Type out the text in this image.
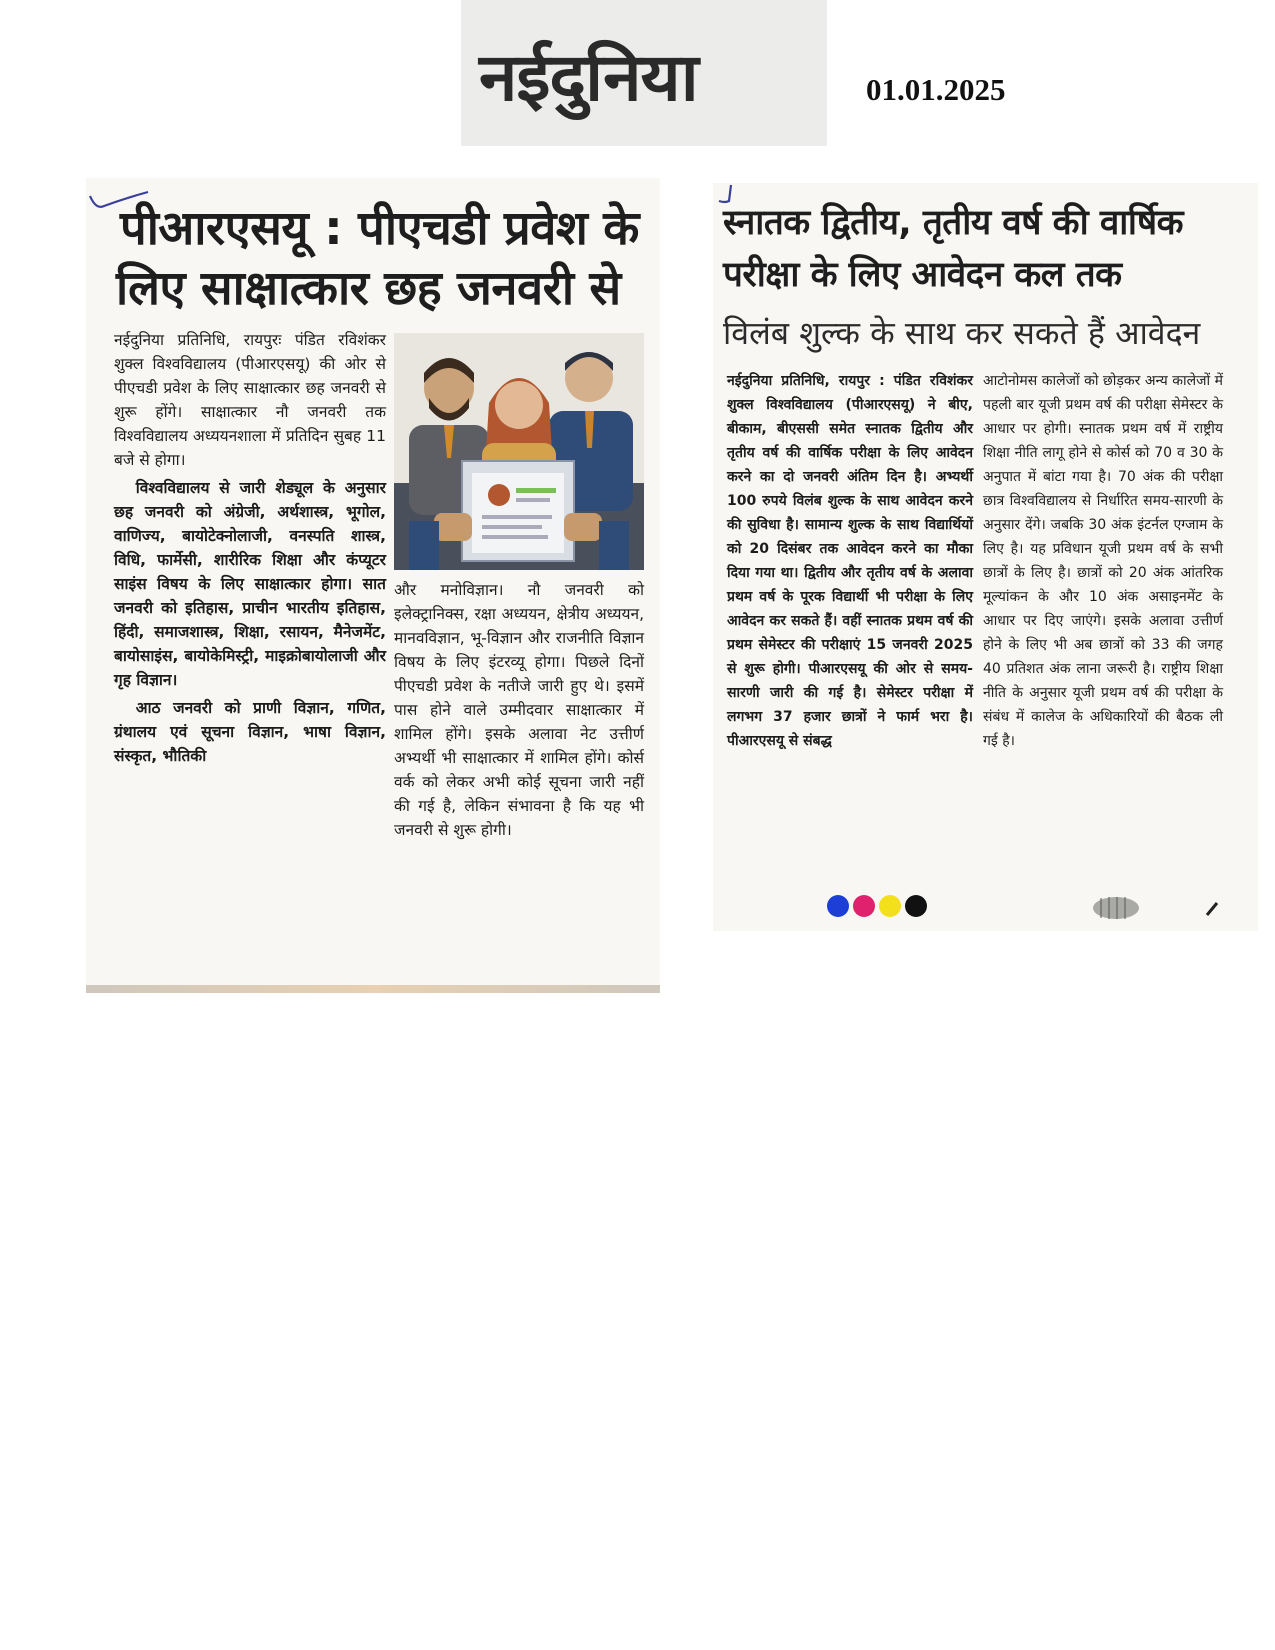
नईदुनिया	01.01.2025
पीआरएसयू : पीएचडी प्रवेश के
लिए साक्षात्कार छह जनवरी से

नईदुनिया प्रतिनिधि, रायपुरः पंडित रविशंकर शुक्ल विश्वविद्यालय (पीआरएसयू) की ओर से पीएचडी प्रवेश के लिए साक्षात्कार छह जनवरी से शुरू होंगे। साक्षात्कार नौ जनवरी तक विश्वविद्यालय अध्ययनशाला में प्रतिदिन सुबह 11 बजे से होगा।

विश्वविद्यालय से जारी शेड्यूल के अनुसार छह जनवरी को अंग्रेजी, अर्थशास्त्र, भूगोल, वाणिज्य, बायोटेक्नोलाजी, वनस्पति शास्त्र, विधि, फार्मेसी, शारीरिक शिक्षा और कंप्यूटर साइंस विषय के लिए साक्षात्कार होगा। सात जनवरी को इतिहास, प्राचीन भारतीय इतिहास, हिंदी, समाजशास्त्र, शिक्षा, रसायन, मैनेजमेंट, बायोसाइंस, बायोकेमिस्ट्री, माइक्रोबायोलाजी और गृह विज्ञान।

आठ जनवरी को प्राणी विज्ञान, गणित, ग्रंथालय एवं सूचना विज्ञान, भाषा विज्ञान, संस्कृत, भौतिकी

और मनोविज्ञान। नौ जनवरी को इलेक्ट्रानिक्स, रक्षा अध्ययन, क्षेत्रीय अध्ययन, मानवविज्ञान, भू-विज्ञान और राजनीति विज्ञान विषय के लिए इंटरव्यू होगा। पिछले दिनों पीएचडी प्रवेश के नतीजे जारी हुए थे। इसमें पास होने वाले उम्मीदवार साक्षात्कार में शामिल होंगे। इसके अलावा नेट उत्तीर्ण अभ्यर्थी भी साक्षात्कार में शामिल होंगे। कोर्स वर्क को लेकर अभी कोई सूचना जारी नहीं की गई है, लेकिन संभावना है कि यह भी जनवरी से शुरू होगी।

स्नातक द्वितीय, तृतीय वर्ष की वार्षिक
परीक्षा के लिए आवेदन कल तक
विलंब शुल्क के साथ कर सकते हैं आवेदन

नईदुनिया प्रतिनिधि, रायपुर : पंडित रविशंकर शुक्ल विश्वविद्यालय (पीआरएसयू) ने बीए, बीकाम, बीएससी समेत स्नातक द्वितीय और तृतीय वर्ष की वार्षिक परीक्षा के लिए आवेदन करने का दो जनवरी अंतिम दिन है। अभ्यर्थी 100 रुपये विलंब शुल्क के साथ आवेदन करने की सुविधा है। सामान्य शुल्क के साथ विद्यार्थियों को 20 दिसंबर तक आवेदन करने का मौका दिया गया था। द्वितीय और तृतीय वर्ष के अलावा प्रथम वर्ष के पूरक विद्यार्थी भी परीक्षा के लिए आवेदन कर सकते हैं। वहीं स्नातक प्रथम वर्ष की प्रथम सेमेस्टर की परीक्षाएं 15 जनवरी 2025 से शुरू होगी। पीआरएसयू की ओर से समय-सारणी जारी की गई है। सेमेस्टर परीक्षा में लगभग 37 हजार छात्रों ने फार्म भरा है। पीआरएसयू से संबद्ध

आटोनोमस कालेजों को छोड़कर अन्य कालेजों में पहली बार यूजी प्रथम वर्ष की परीक्षा सेमेस्टर के आधार पर होगी। स्नातक प्रथम वर्ष में राष्ट्रीय शिक्षा नीति लागू होने से कोर्स को 70 व 30 के अनुपात में बांटा गया है। 70 अंक की परीक्षा छात्र विश्वविद्यालय से निर्धारित समय-सारणी के अनुसार देंगे। जबकि 30 अंक इंटर्नल एग्जाम के लिए है। यह प्रविधान यूजी प्रथम वर्ष के सभी छात्रों के लिए है। छात्रों को 20 अंक आंतरिक मूल्यांकन के और 10 अंक असाइनमेंट के आधार पर दिए जाएंगे। इसके अलावा उत्तीर्ण होने के लिए भी अब छात्रों को 33 की जगह 40 प्रतिशत अंक लाना जरूरी है। राष्ट्रीय शिक्षा नीति के अनुसार यूजी प्रथम वर्ष की परीक्षा के संबंध में कालेज के अधिकारियों की बैठक ली गई है।
